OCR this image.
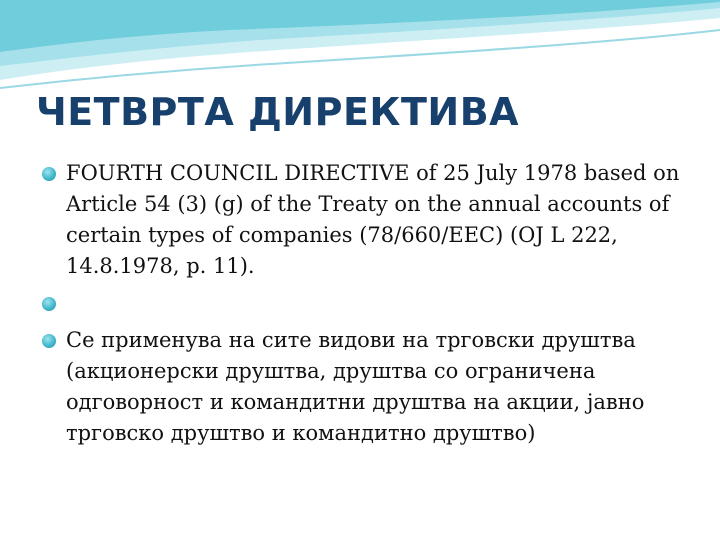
ЧЕТВРТА ДИРЕКТИВА
FOURTH COUNCIL DIRECTIVE of 25 July 1978 based on Article 54 (3) (g) of the Treaty on the annual accounts of certain types of companies (78/660/EEC) (OJ L 222, 14.8.1978, p. 11).
Се применува на сите видови на трговски друштва (акционерски друштва, друштва со ограничена одговорност и командитни друштва на акции, јавно трговско друштво и командитно друштво)
